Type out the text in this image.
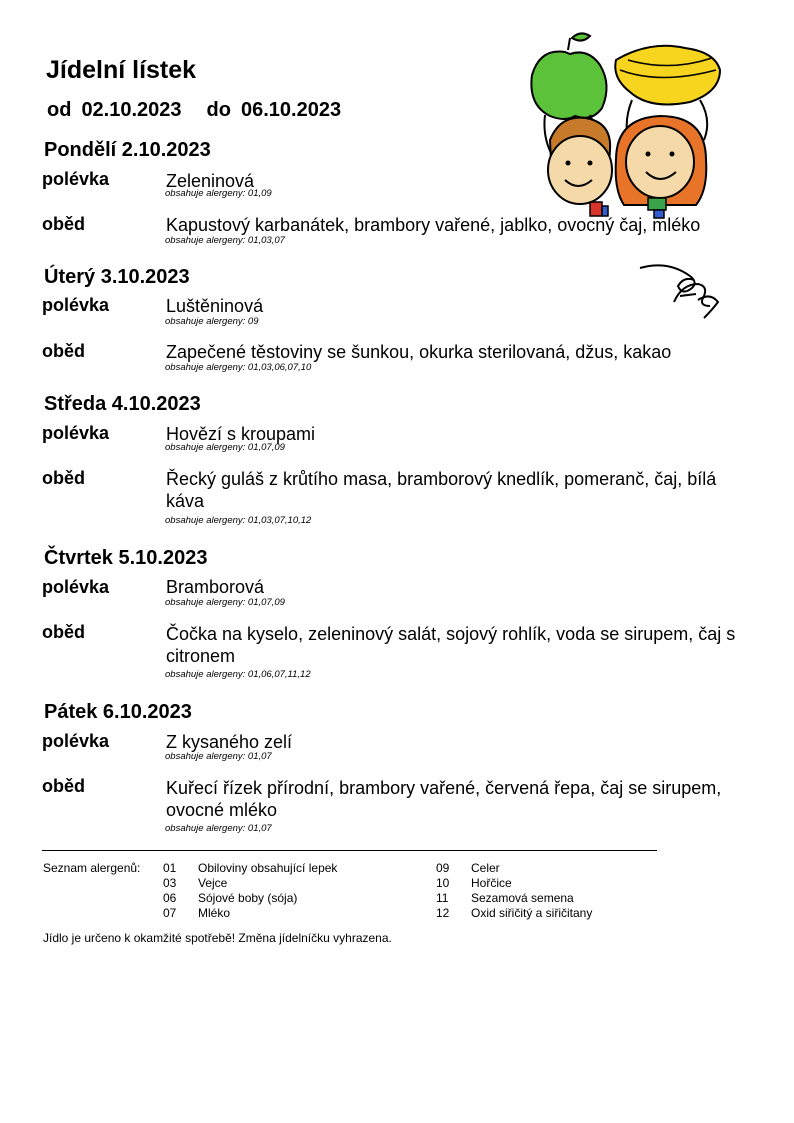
Jídelní lístek
od 02.10.2023 do 06.10.2023
Pondělí 2.10.2023
polévka	Zeleninová
obsahuje alergeny: 01,09
oběd	Kapustový karbanátek, brambory vařené, jablko, ovocný čaj, mléko
obsahuje alergeny: 01,03,07
Úterý 3.10.2023
polévka	Luštěninová
obsahuje alergeny: 09
oběd	Zapečené těstoviny se šunkou, okurka sterilovaná, džus, kakao
obsahuje alergeny: 01,03,06,07,10
Středa 4.10.2023
polévka	Hovězí s kroupami
obsahuje alergeny: 01,07,09
oběd	Řecký guláš z krůtího masa, bramborový knedlík, pomeranč, čaj, bílá káva
obsahuje alergeny: 01,03,07,10,12
Čtvrtek 5.10.2023
polévka	Bramborová
obsahuje alergeny: 01,07,09
oběd	Čočka na kyselo, zeleninový salát, sojový rohlík, voda se sirupem, čaj s citronem
obsahuje alergeny: 01,06,07,11,12
Pátek 6.10.2023
polévka	Z kysaného zelí
obsahuje alergeny: 01,07
oběd	Kuřecí řízek přírodní, brambory vařené, červená řepa, čaj se sirupem, ovocné mléko
obsahuje alergeny: 01,07
Seznam alergenů: 01 Obiloviny obsahující lepek
03 Vejce
06 Sójové boby (sója)
07 Mléko
09 Celer
10 Hořčice
11 Sezamová semena
12 Oxid siřičitý a siřičitany
Jídlo je určeno k okamžité spotřebě! Změna jídelníčku vyhrazena.
